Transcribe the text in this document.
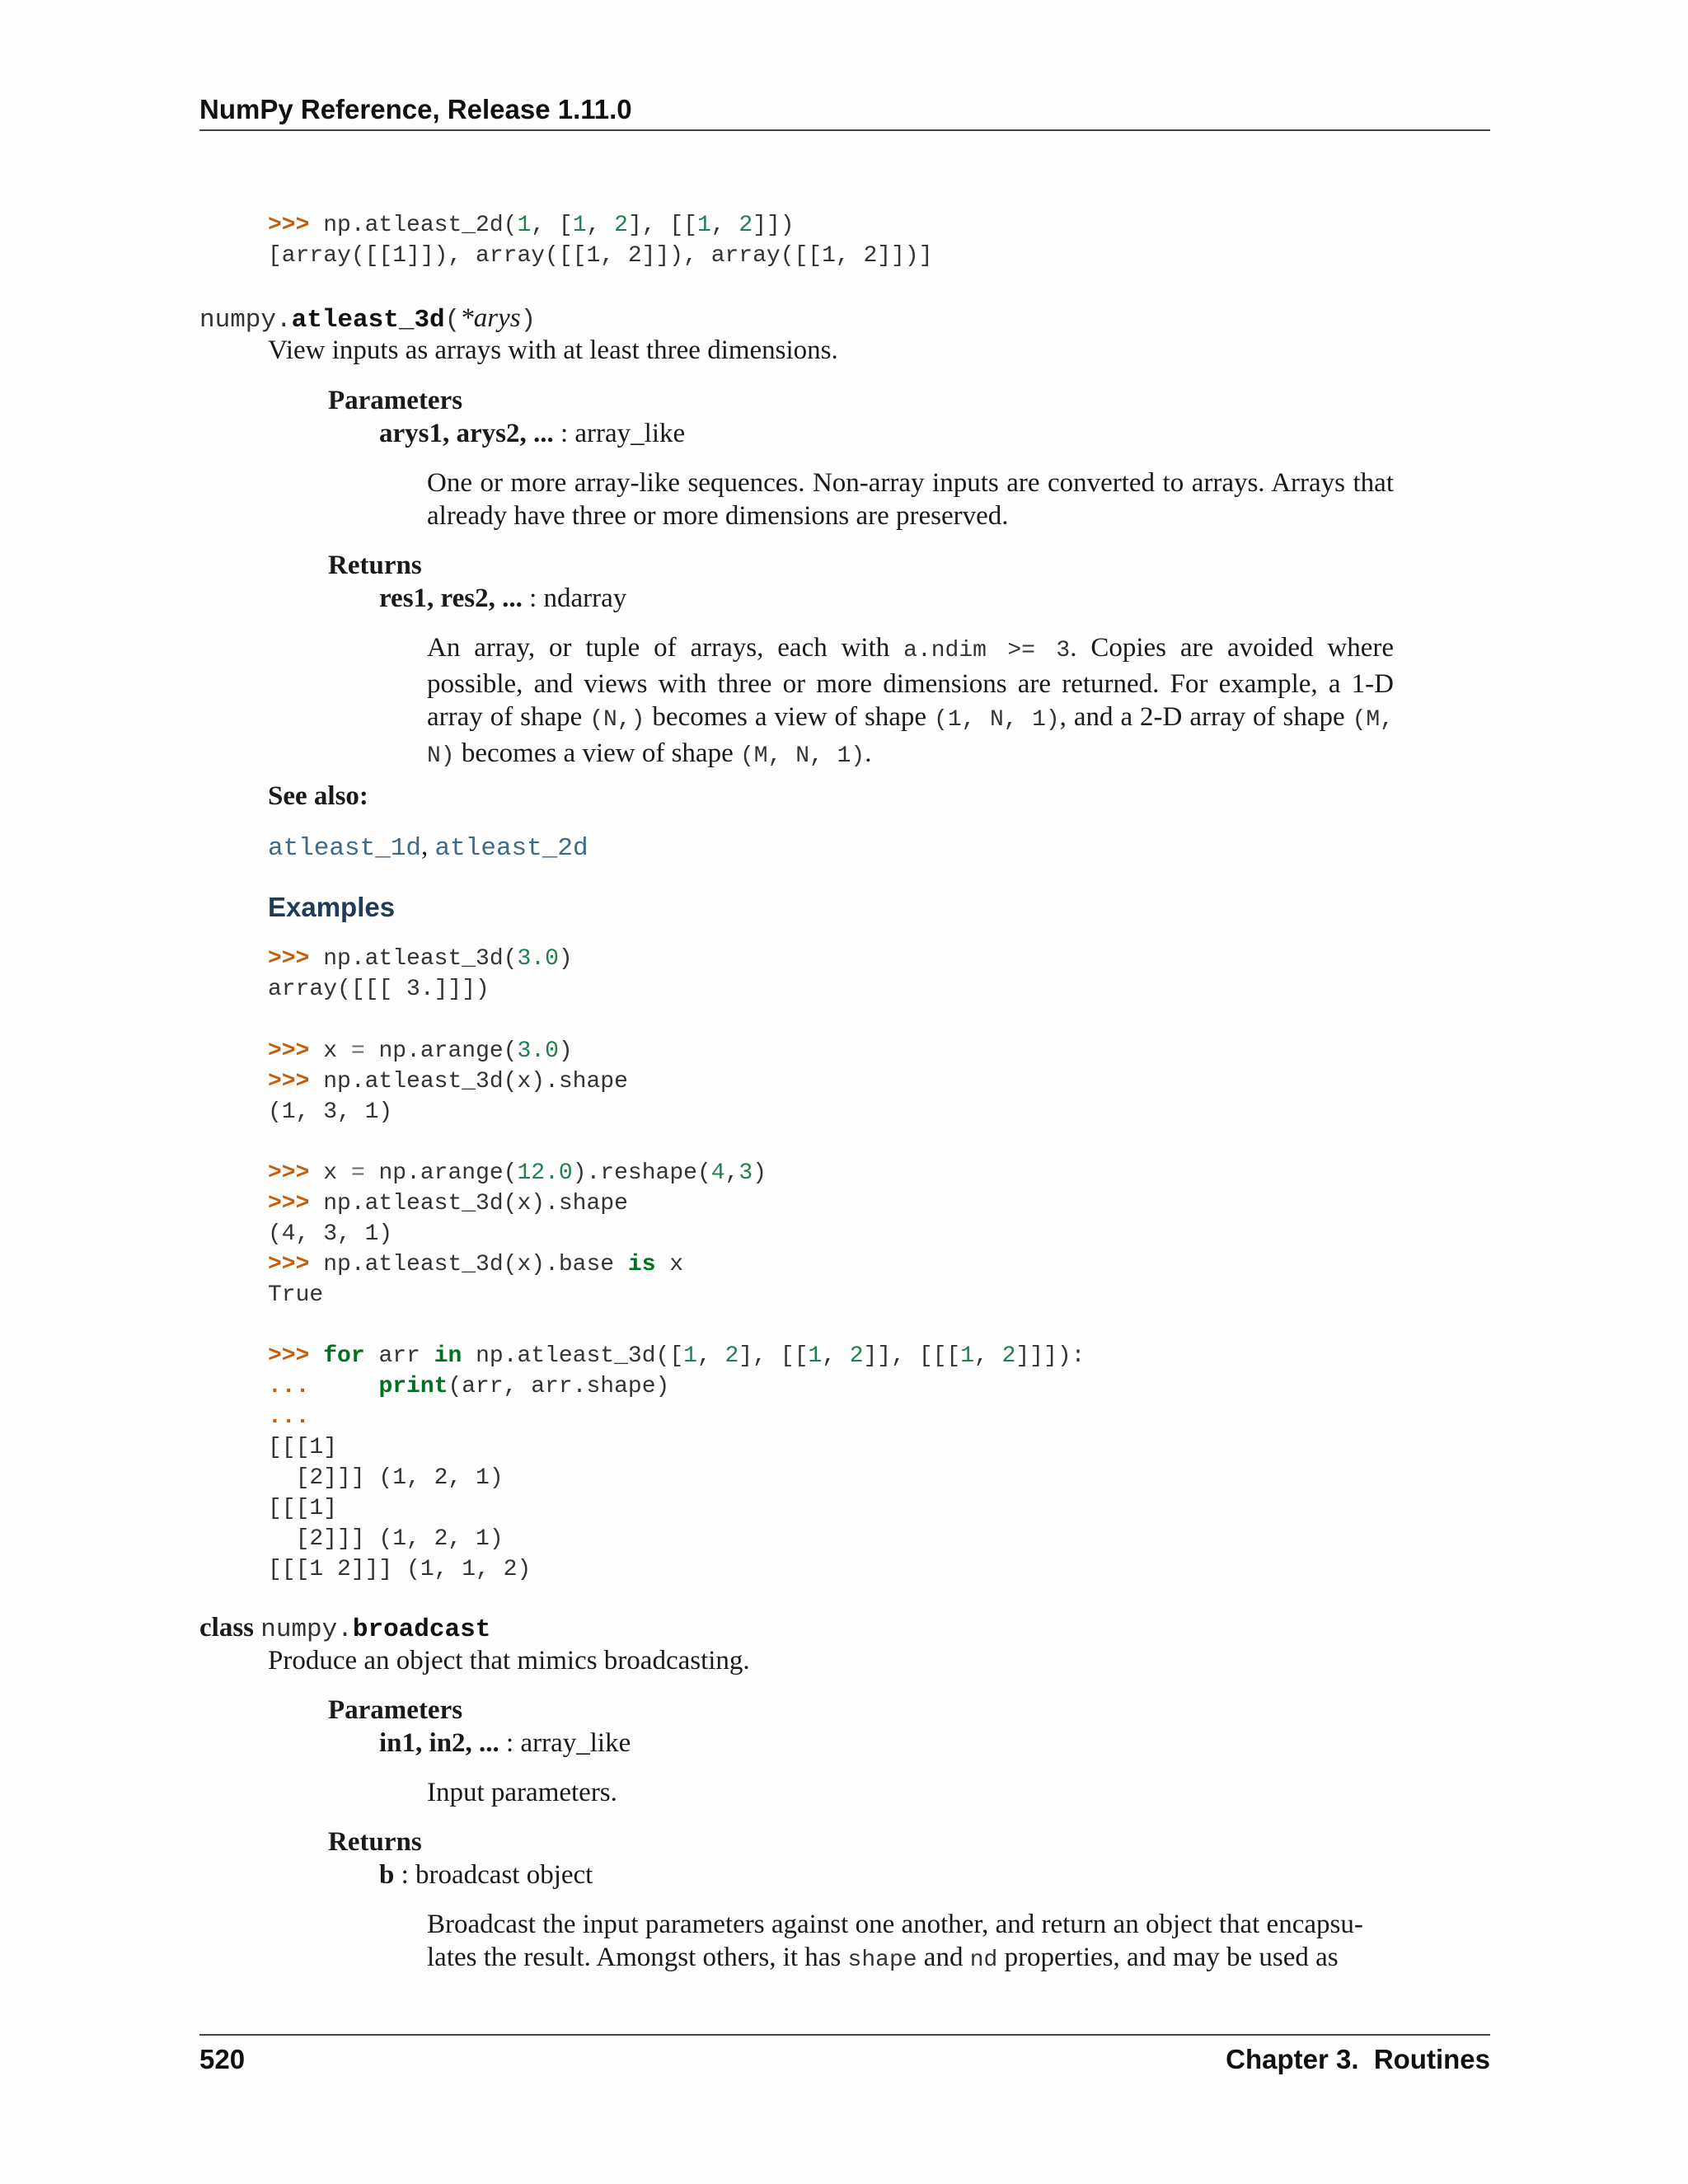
NumPy Reference, Release 1.11.0
>>> np.atleast_2d(1, [1, 2], [[1, 2]])
[array([[1]]), array([[1, 2]]), array([[1, 2]])]
numpy.atleast_3d(*arys)
View inputs as arrays with at least three dimensions.
Parameters
arys1, arys2, ... : array_like
One or more array-like sequences. Non-array inputs are converted to arrays. Arrays that already have three or more dimensions are preserved.
Returns
res1, res2, ... : ndarray
An array, or tuple of arrays, each with a.ndim >= 3. Copies are avoided where possible, and views with three or more dimensions are returned. For example, a 1-D array of shape (N,) becomes a view of shape (1, N, 1), and a 2-D array of shape (M, N) becomes a view of shape (M, N, 1).
See also:
atleast_1d, atleast_2d
Examples
>>> np.atleast_3d(3.0)
array([[[ 3.]]])
>>> x = np.arange(3.0)
>>> np.atleast_3d(x).shape
(1, 3, 1)
>>> x = np.arange(12.0).reshape(4,3)
>>> np.atleast_3d(x).shape
(4, 3, 1)
>>> np.atleast_3d(x).base is x
True
>>> for arr in np.atleast_3d([1, 2], [[1, 2]], [[[1, 2]]]):
...	print(arr, arr.shape)
...
[[[1]
[2]]] (1, 2, 1)
[[[1]
[2]]] (1, 2, 1)
[[[1 2]]] (1, 1, 2)
class numpy.broadcast
Produce an object that mimics broadcasting.
Parameters
in1, in2, ... : array_like
Input parameters.
Returns
b : broadcast object
Broadcast the input parameters against one another, and return an object that encapsu-
lates the result. Amongst others, it has shape and nd properties, and may be used as
520	Chapter 3.  Routines
